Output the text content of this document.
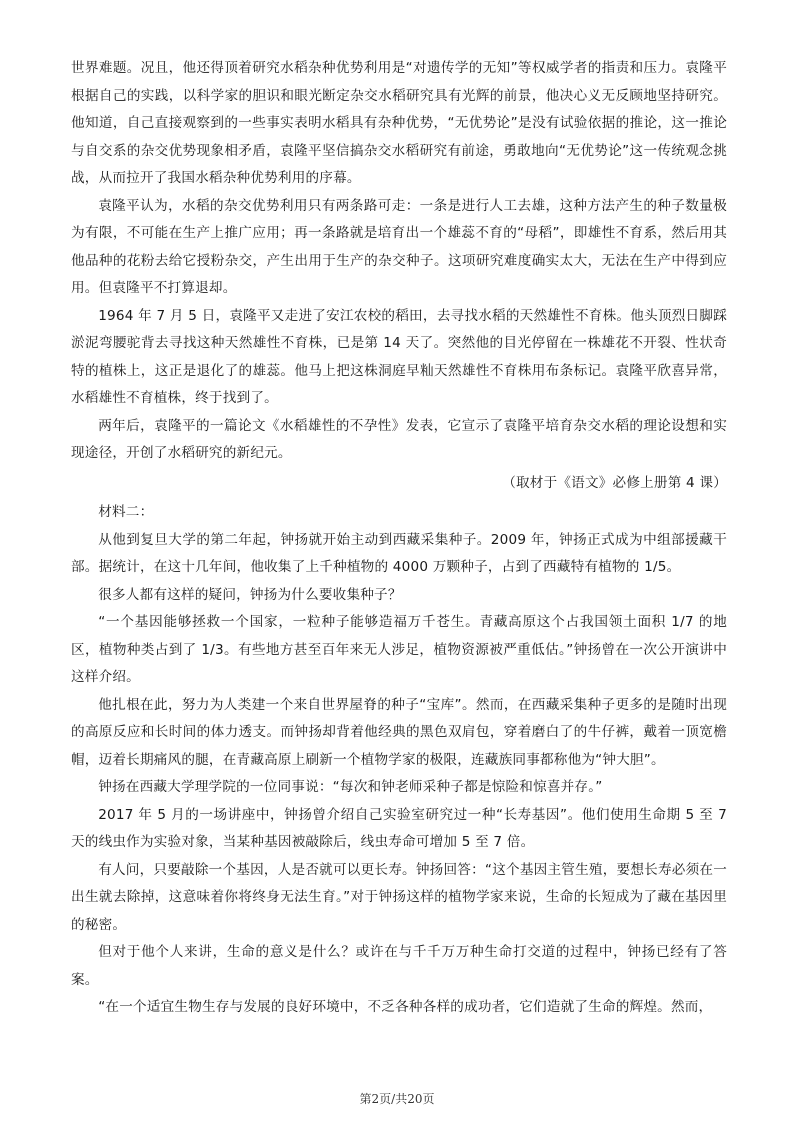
世界难题。况且，他还得顶着研究水稻杂种优势利用是“对遗传学的无知”等权威学者的指责和压力。袁隆平根据自己的实践，以科学家的胆识和眼光断定杂交水稻研究具有光辉的前景，他决心义无反顾地坚持研究。他知道，自己直接观察到的一些事实表明水稻具有杂种优势，“无优势论”是没有试验依据的推论，这一推论与自交系的杂交优势现象相矛盾，袁隆平坚信搞杂交水稻研究有前途，勇敢地向“无优势论”这一传统观念挑战，从而拉开了我国水稻杂种优势利用的序幕。

袁隆平认为，水稻的杂交优势利用只有两条路可走：一条是进行人工去雄，这种方法产生的种子数量极为有限，不可能在生产上推广应用；再一条路就是培育出一个雄蕊不育的“母稻”，即雄性不育系，然后用其他品种的花粉去给它授粉杂交，产生出用于生产的杂交种子。这项研究难度确实太大，无法在生产中得到应用。但袁隆平不打算退却。

1964 年 7 月 5 日，袁隆平又走进了安江农校的稻田，去寻找水稻的天然雄性不育株。他头顶烈日脚踩淤泥弯腰驼背去寻找这种天然雄性不育株，已是第 14 天了。突然他的目光停留在一株雄花不开裂、性状奇特的植株上，这正是退化了的雄蕊。他马上把这株洞庭早籼天然雄性不育株用布条标记。袁隆平欣喜异常，水稻雄性不育植株，终于找到了。

两年后，袁隆平的一篇论文《水稻雄性的不孕性》发表，它宣示了袁隆平培育杂交水稻的理论设想和实现途径，开创了水稻研究的新纪元。

（取材于《语文》必修上册第 4 课）

材料二：

从他到复旦大学的第二年起，钟扬就开始主动到西藏采集种子。2009 年，钟扬正式成为中组部援藏干部。据统计，在这十几年间，他收集了上千种植物的 4000 万颗种子，占到了西藏特有植物的 1/5。

很多人都有这样的疑问，钟扬为什么要收集种子？

“一个基因能够拯救一个国家，一粒种子能够造福万千苍生。青藏高原这个占我国领土面积 1/7 的地区，植物种类占到了 1/3。有些地方甚至百年来无人涉足，植物资源被严重低估。”钟扬曾在一次公开演讲中这样介绍。

他扎根在此，努力为人类建一个来自世界屋脊的种子“宝库”。然而，在西藏采集种子更多的是随时出现的高原反应和长时间的体力透支。而钟扬却背着他经典的黑色双肩包，穿着磨白了的牛仔裤，戴着一顶宽檐帽，迈着长期痛风的腿，在青藏高原上刷新一个植物学家的极限，连藏族同事都称他为“钟大胆”。

钟扬在西藏大学理学院的一位同事说：“每次和钟老师采种子都是惊险和惊喜并存。”

2017 年 5 月的一场讲座中，钟扬曾介绍自己实验室研究过一种“长寿基因”。他们使用生命期 5 至 7 天的线虫作为实验对象，当某种基因被敲除后，线虫寿命可增加 5 至 7 倍。

有人问，只要敲除一个基因，人是否就可以更长寿。钟扬回答：“这个基因主管生殖，要想长寿必须在一出生就去除掉，这意味着你将终身无法生育。”对于钟扬这样的植物学家来说，生命的长短成为了藏在基因里的秘密。

但对于他个人来讲，生命的意义是什么？或许在与千千万万种生命打交道的过程中，钟扬已经有了答案。

“在一个适宜生物生存与发展的良好环境中，不乏各种各样的成功者，它们造就了生命的辉煌。然而，

第2页/共20页
